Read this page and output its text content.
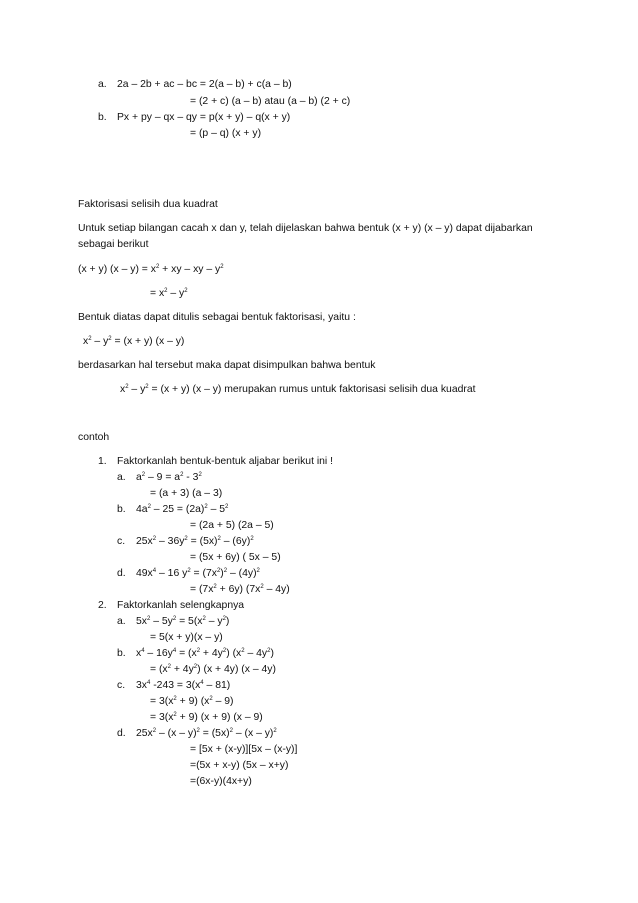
a. 2a – 2b + ac – bc = 2(a – b) + c(a – b)
= (2 + c) (a – b) atau (a – b) (2 + c)
b. Px + py – qx – qy = p(x + y) – q(x + y)
= (p – q) (x + y)
Faktorisasi selisih dua kuadrat
Untuk setiap bilangan cacah x dan y, telah dijelaskan bahwa bentuk (x + y) (x – y) dapat dijabarkan
sebagai berikut
(x + y) $(x - y) = x^2$ + xy – xy – $y^2$
= $x^2 - y^2$
Bentuk diatas dapat ditulis sebagai bentuk faktorisasi, yaitu :
$x^2 - y^2 = (x + y)$ (x – y)
berdasarkan hal tersebut maka dapat disimpulkan bahwa bentuk
$x^2 - y^2 = (x + y)$ (x – y) merupakan rumus untuk faktorisasi selisih dua kuadrat
contoh
1. Faktorkanlah bentuk-bentuk aljabar berikut ini !
a. $a^2 - 9 = a^2 - 3^2$
= (a + 3) (a – 3)
b. $4a^2 - 25 = (2a)^2 - 5^2$
= (2a + 5) (2a – 5)
c. $25x^2 - 36y^2 = (5x)^2 - (6y)^2$
= (5x + 6y) ( 5x – 5)
d. $49x^4 - 16$ $y^2 = (7x^2)^2 - (4y)^2$
= $(7x^2 + 6y)$ $(7x^2 - 4y)$
2. Faktorkanlah selengkapnya
a. $5x^2 - 5y^2 = 5(x^2 - y^2)$
= 5(x + y)(x – y)
b. $x^4 - 16y^4 = (x^2 + 4y^2)$ $(x^2 - 4y^2)$
= $(x^2 + 4y^2) (x + 4y)$ (x – 4y)
c. $3x^4$ $-243 = 3(x^4 - 81)$
= $3(x^2 + 9)$ $(x^2 - 9)$
= $3(x^2 + 9) (x + 9)$ (x – 9)
d. $25x^2 - (x - y)^2 = (5x)^2 - (x - y)^2$
= [5x + (x-y)][5x – (x-y)]
=(5x + x-y) (5x – x+y)
=(6x-y)(4x+y)
